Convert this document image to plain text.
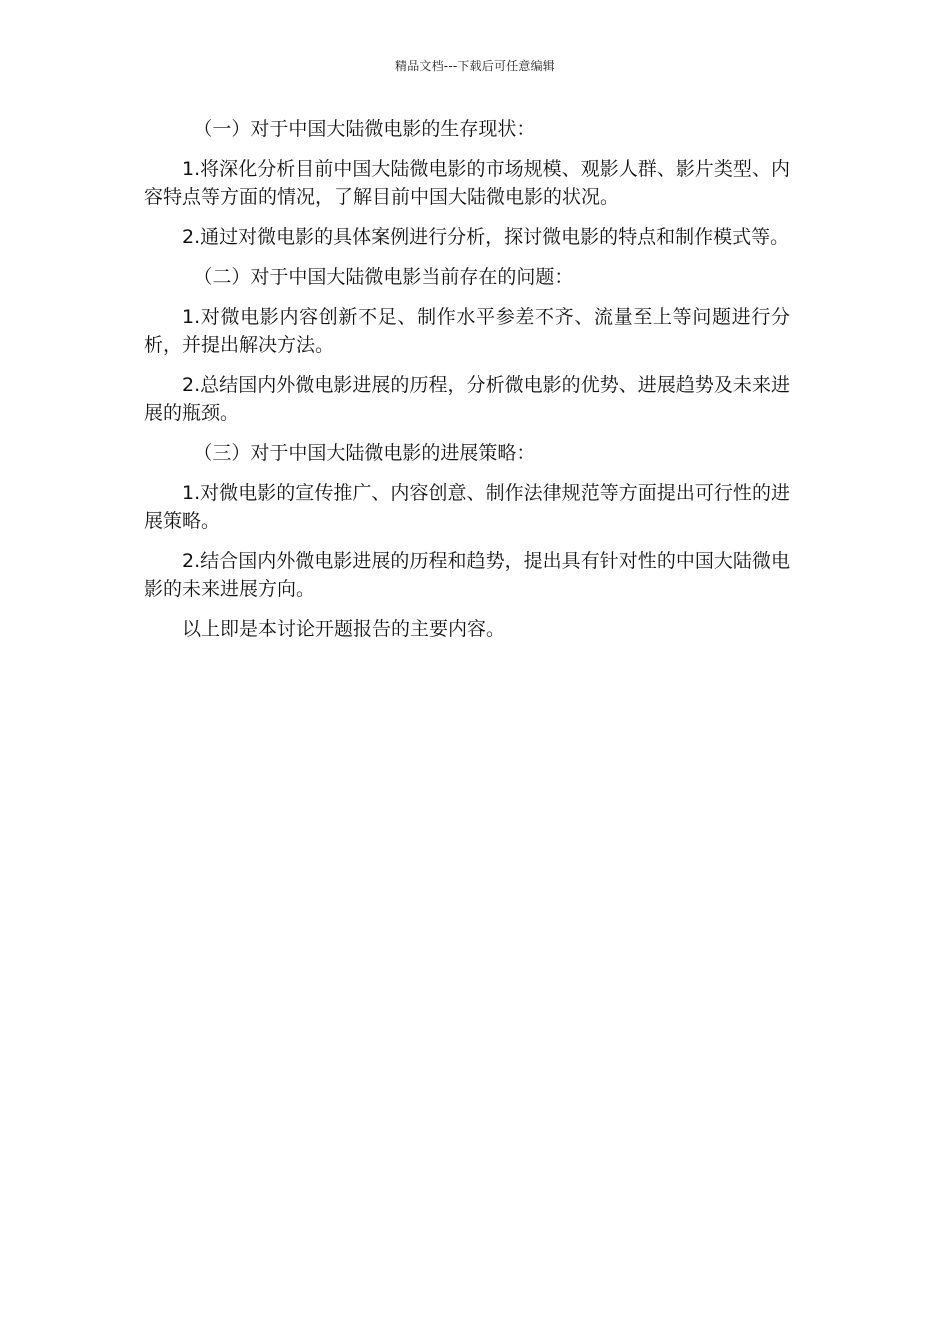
精品文档---下载后可任意编辑

（一）对于中国大陆微电影的生存现状：

1.将深化分析目前中国大陆微电影的市场规模、观影人群、影片类型、内容特点等方面的情况，了解目前中国大陆微电影的状况。

2.通过对微电影的具体案例进行分析，探讨微电影的特点和制作模式等。

（二）对于中国大陆微电影当前存在的问题：

1.对微电影内容创新不足、制作水平参差不齐、流量至上等问题进行分析，并提出解决方法。

2.总结国内外微电影进展的历程，分析微电影的优势、进展趋势及未来进展的瓶颈。

（三）对于中国大陆微电影的进展策略：

1.对微电影的宣传推广、内容创意、制作法律规范等方面提出可行性的进展策略。

2.结合国内外微电影进展的历程和趋势，提出具有针对性的中国大陆微电影的未来进展方向。

以上即是本讨论开题报告的主要内容。
